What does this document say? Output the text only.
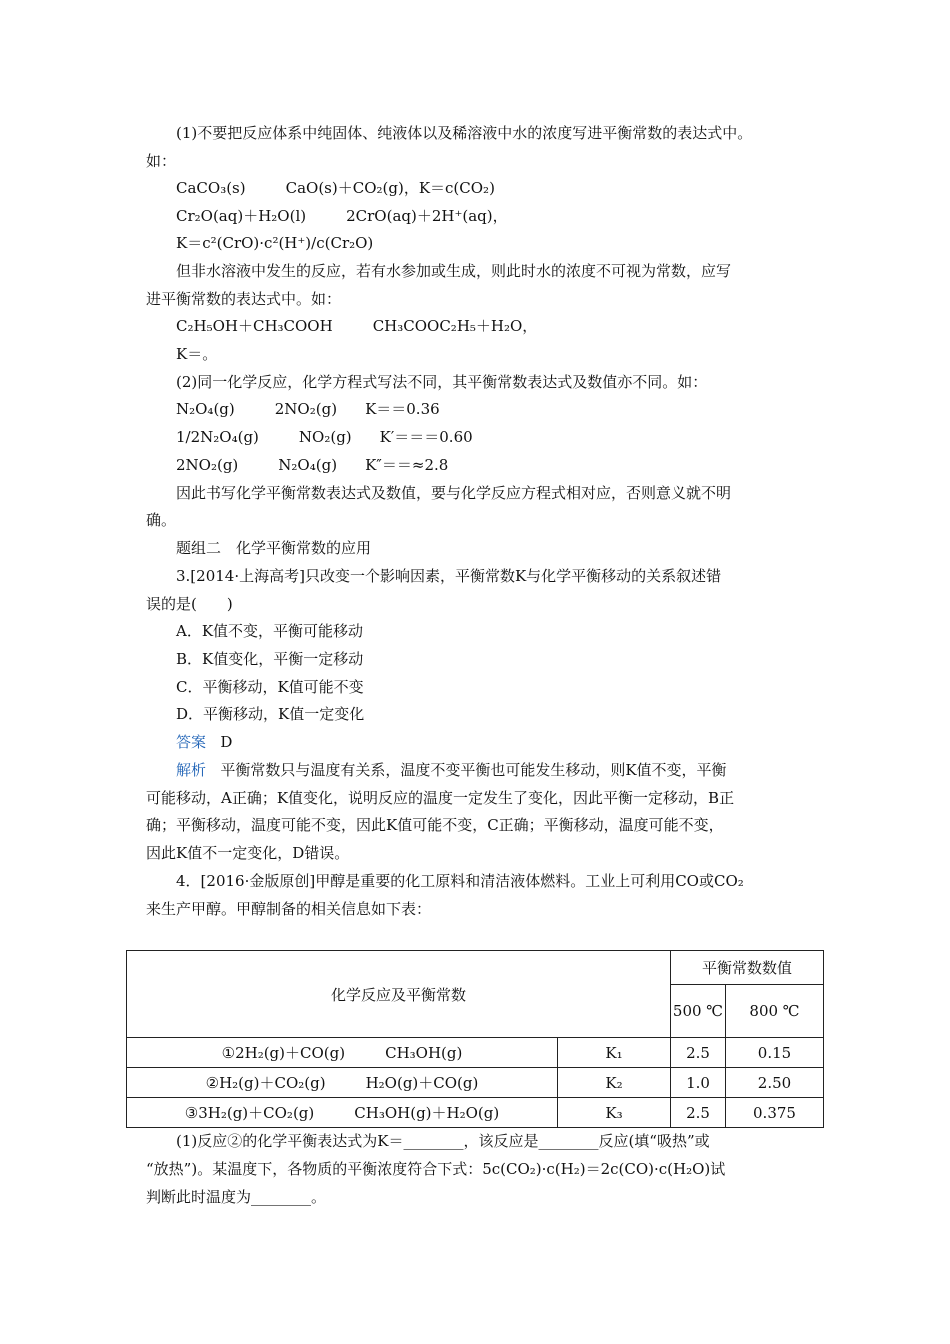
(1)不要把反应体系中纯固体、纯液体以及稀溶液中水的浓度写进平衡常数的表达式中。
如：
CaCO₃(s)	CaO(s)＋CO₂(g)，K＝c(CO₂)
Cr₂O(aq)＋H₂O(l)	2CrO(aq)＋2H⁺(aq)，
K＝c²(CrO)·c²(H⁺)/c(Cr₂O)
但非水溶液中发生的反应，若有水参加或生成，则此时水的浓度不可视为常数，应写
进平衡常数的表达式中。如：
C₂H₅OH＋CH₃COOH	CH₃COOC₂H₅＋H₂O，
K＝。
(2)同一化学反应，化学方程式写法不同，其平衡常数表达式及数值亦不同。如：
N₂O₄(g)	2NO₂(g) K＝＝0.36
1/2N₂O₄(g)	NO₂(g) K′＝＝＝0.60
2NO₂(g)	N₂O₄(g) K″＝＝≈2.8
因此书写化学平衡常数表达式及数值，要与化学反应方程式相对应，否则意义就不明
确。
题组二　化学平衡常数的应用
3.[2014·上海高考]只改变一个影响因素，平衡常数K与化学平衡移动的关系叙述错
误的是(　　)
A．K值不变，平衡可能移动
B．K值变化，平衡一定移动
C．平衡移动，K值可能不变
D．平衡移动，K值一定变化
答案 D
解析 平衡常数只与温度有关系，温度不变平衡也可能发生移动，则K值不变，平衡
可能移动，A正确；K值变化，说明反应的温度一定发生了变化，因此平衡一定移动，B正
确；平衡移动，温度可能不变，因此K值可能不变，C正确；平衡移动，温度可能不变，
因此K值不一定变化，D错误。
4．[2016·金版原创]甲醇是重要的化工原料和清洁液体燃料。工业上可利用CO或CO₂
来生产甲醇。甲醇制备的相关信息如下表：
化学反应及平衡常数		平衡常数数值	
		500 ℃	800 ℃
①2H₂(g)＋CO(g) CH₃OH(g)	K₁	2.5	0.15
②H₂(g)＋CO₂(g) H₂O(g)＋CO(g)	K₂	1.0	2.50
③3H₂(g)＋CO₂(g) CH₃OH(g)＋H₂O(g)	K₃	2.5	0.375
(1)反应②的化学平衡表达式为K＝________，该反应是________反应(填“吸热”或
“放热”)。某温度下，各物质的平衡浓度符合下式：5c(CO₂)·c(H₂)＝2c(CO)·c(H₂O)试
判断此时温度为________。
